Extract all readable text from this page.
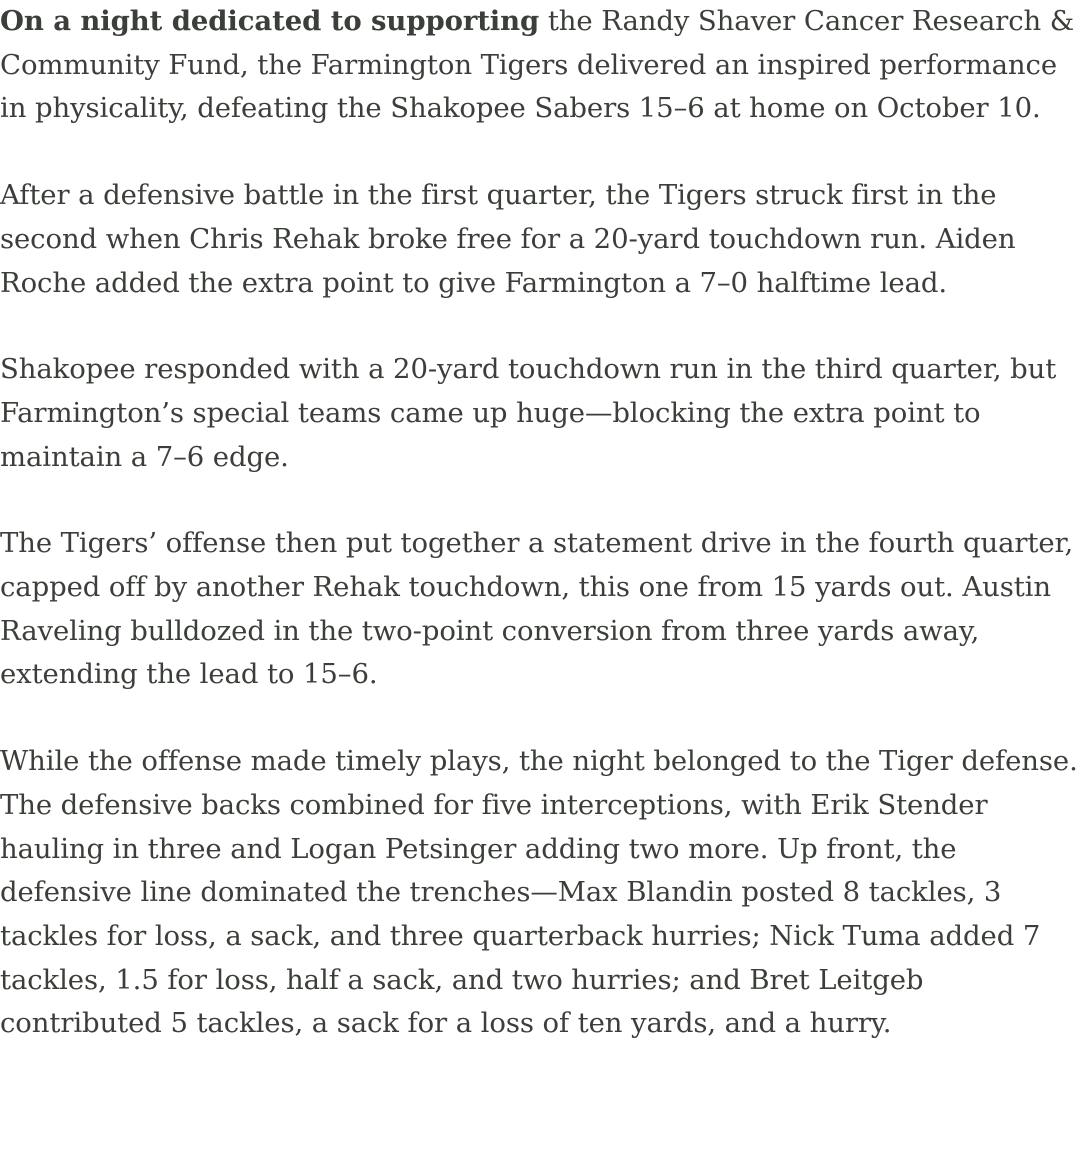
On a night dedicated to supporting the Randy Shaver Cancer Research & Community Fund, the Farmington Tigers delivered an inspired performance in physicality, defeating the Shakopee Sabers 15–6 at home on October 10.

After a defensive battle in the first quarter, the Tigers struck first in the second when Chris Rehak broke free for a 20-yard touchdown run. Aiden Roche added the extra point to give Farmington a 7–0 halftime lead.

Shakopee responded with a 20-yard touchdown run in the third quarter, but Farmington’s special teams came up huge—blocking the extra point to maintain a 7–6 edge.

The Tigers’ offense then put together a statement drive in the fourth quarter, capped off by another Rehak touchdown, this one from 15 yards out. Austin Raveling bulldozed in the two-point conversion from three yards away, extending the lead to 15–6.

While the offense made timely plays, the night belonged to the Tiger defense. The defensive backs combined for five interceptions, with Erik Stender hauling in three and Logan Petsinger adding two more. Up front, the defensive line dominated the trenches—Max Blandin posted 8 tackles, 3 tackles for loss, a sack, and three quarterback hurries; Nick Tuma added 7 tackles, 1.5 for loss, half a sack, and two hurries; and Bret Leitgeb contributed 5 tackles, a sack for a loss of ten yards, and a hurry.
